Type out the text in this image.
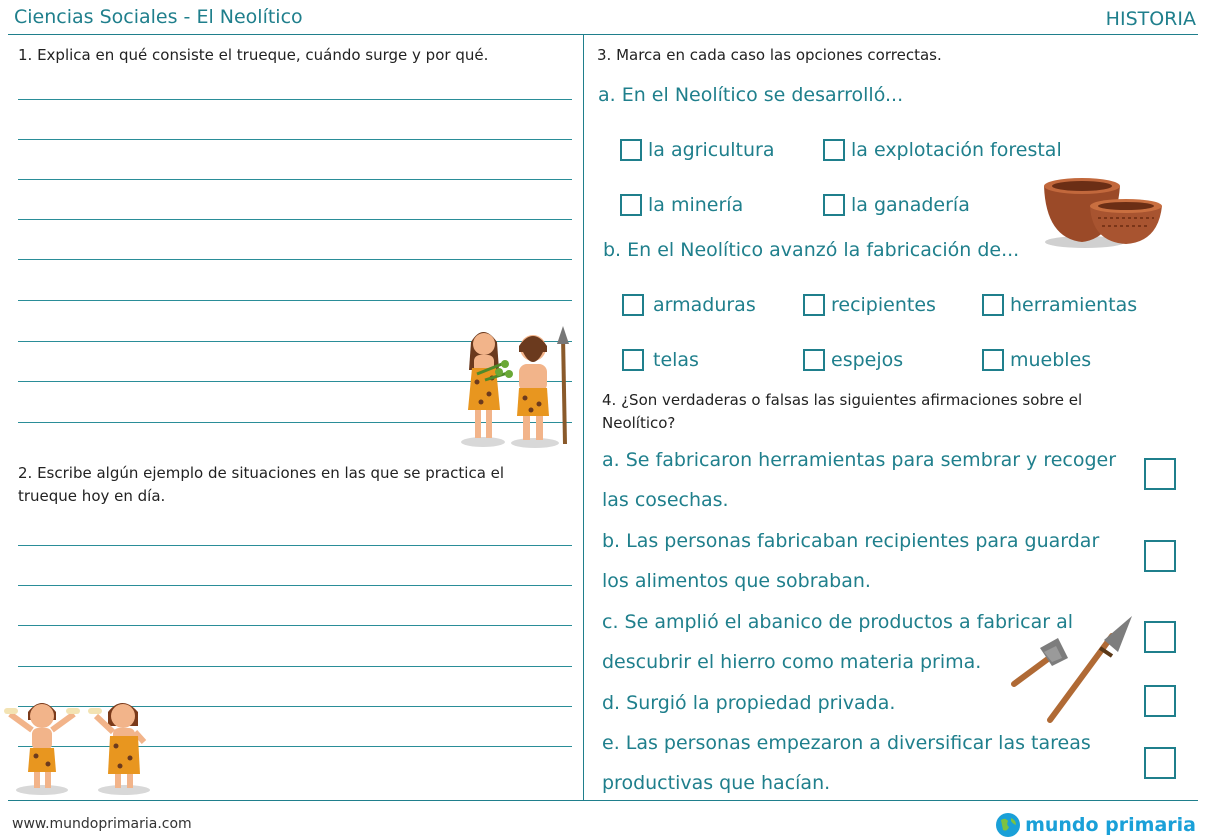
Ciencias Sociales - El Neolítico	HISTORIA
1. Explica en qué consiste el trueque, cuándo surge y por qué.
2. Escribe algún ejemplo de situaciones en las que se practica el
trueque hoy en día.
3. Marca en cada caso las opciones correctas.
a. En el Neolítico se desarrolló...
la agricultura	la explotación forestal
la minería	la ganadería
b. En el Neolítico avanzó la fabricación de...
armaduras	recipientes	herramientas
telas	espejos	muebles
4. ¿Son verdaderas o falsas las siguientes afirmaciones sobre el
Neolítico?
a. Se fabricaron herramientas para sembrar y recoger
las cosechas.
b. Las personas fabricaban recipientes para guardar
los alimentos que sobraban.
c. Se amplió el abanico de productos a fabricar al
descubrir el hierro como materia prima.
d. Surgió la propiedad privada.
e. Las personas empezaron a diversificar las tareas
productivas que hacían.
www.mundoprimaria.com	mundo primaria
